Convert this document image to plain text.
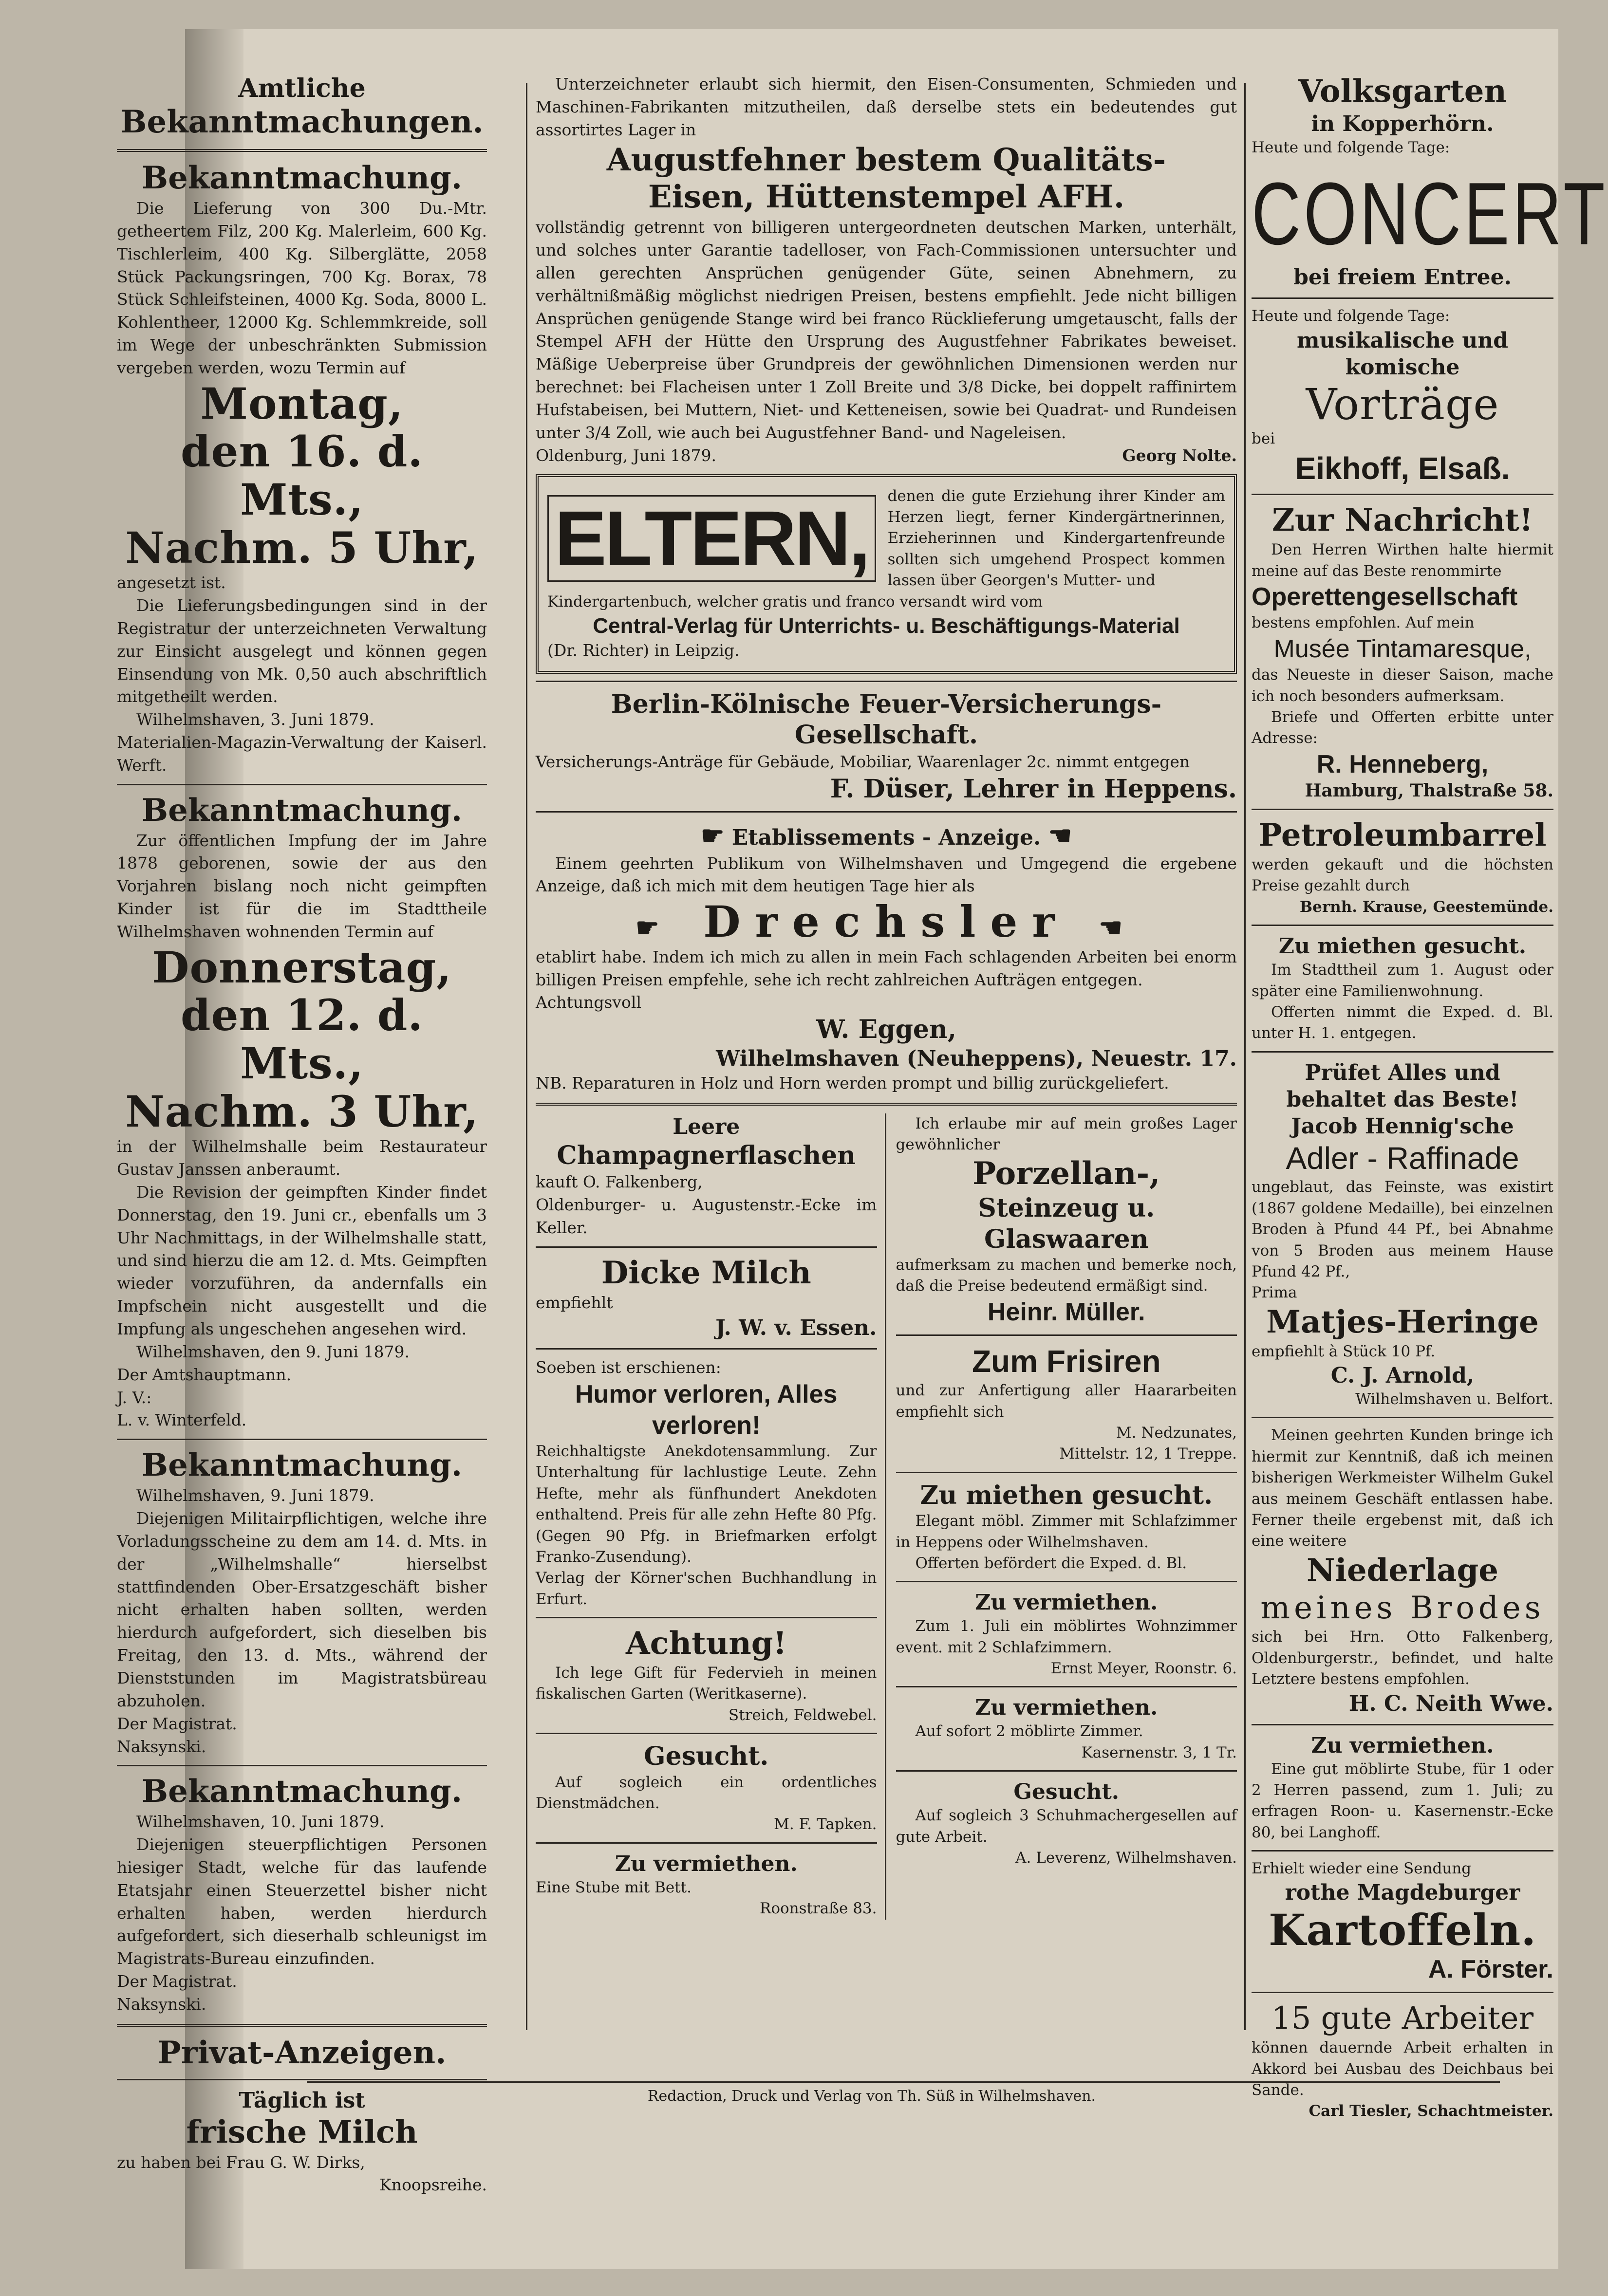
Amtliche
Bekanntmachungen.
Bekanntmachung.
Die Lieferung von 300 Du.-Mtr. getheertem Filz, 200 Kg. Malerleim, 600 Kg. Tischlerleim, 400 Kg. Silberglätte, 2058 Stück Packungsringen, 700 Kg. Borax, 78 Stück Schleifsteinen, 4000 Kg. Soda, 8000 L. Kohlentheer, 12000 Kg. Schlemmkreide, soll im Wege der unbeschränkten Submission vergeben werden, wozu Termin auf
Montag,
den 16. d. Mts.,
Nachm. 5 Uhr,
angesetzt ist.
Die Lieferungsbedingungen sind in der Registratur der unterzeichneten Verwaltung zur Einsicht ausgelegt und können gegen Einsendung von Mk. 0,50 auch abschriftlich mitgetheilt werden.
Wilhelmshaven, 3. Juni 1879.
Materialien-Magazin-Verwaltung der Kaiserl. Werft.
Bekanntmachung.
Zur öffentlichen Impfung der im Jahre 1878 geborenen, sowie der aus den Vorjahren bislang noch nicht geimpften Kinder ist für die im Stadttheile Wilhelmshaven wohnenden Termin auf
Donnerstag,
den 12. d. Mts.,
Nachm. 3 Uhr,
in der Wilhelmshalle beim Restaurateur Gustav Janssen anberaumt.
Die Revision der geimpften Kinder findet Donnerstag, den 19. Juni cr., ebenfalls um 3 Uhr Nachmittags, in der Wilhelmshalle statt, und sind hierzu die am 12. d. Mts. Geimpften wieder vorzuführen, da andernfalls ein Impfschein nicht ausgestellt und die Impfung als ungeschehen angesehen wird.
Wilhelmshaven, den 9. Juni 1879.
Der Amtshauptmann.
J. V.:
L. v. Winterfeld.
Bekanntmachung.
Wilhelmshaven, 9. Juni 1879.
Diejenigen Militairpflichtigen, welche ihre Vorladungsscheine zu dem am 14. d. Mts. in der „Wilhelmshalle“ hierselbst stattfindenden Ober-Ersatzgeschäft bisher nicht erhalten haben sollten, werden hierdurch aufgefordert, sich dieselben bis Freitag, den 13. d. Mts., während der Dienststunden im Magistratsbüreau abzuholen.
Der Magistrat.
Naksynski.
Bekanntmachung.
Wilhelmshaven, 10. Juni 1879.
Diejenigen steuerpflichtigen Personen hiesiger Stadt, welche für das laufende Etatsjahr einen Steuerzettel bisher nicht erhalten haben, werden hierdurch aufgefordert, sich dieserhalb schleunigst im Magistrats-Bureau einzufinden.
Der Magistrat.
Naksynski.
Privat-Anzeigen.
Täglich ist
frische Milch
zu haben bei Frau G. W. Dirks,
Knoopsreihe.
Unterzeichneter erlaubt sich hiermit, den Eisen-Consumenten, Schmieden und Maschinen-Fabrikanten mitzutheilen, daß derselbe stets ein bedeutendes gut assortirtes Lager in
Augustfehner bestem Qualitäts-
Eisen, Hüttenstempel AFH.
vollständig getrennt von billigeren untergeordneten deutschen Marken, unterhält, und solches unter Garantie tadelloser, von Fach-Commissionen untersuchter und allen gerechten Ansprüchen genügender Güte, seinen Abnehmern, zu verhältnißmäßig möglichst niedrigen Preisen, bestens empfiehlt. Jede nicht billigen Ansprüchen genügende Stange wird bei franco Rücklieferung umgetauscht, falls der Stempel AFH der Hütte den Ursprung des Augustfehner Fabrikates beweiset. Mäßige Ueberpreise über Grundpreis der gewöhnlichen Dimensionen werden nur berechnet: bei Flacheisen unter 1 Zoll Breite und 3/8 Dicke, bei doppelt raffinirtem Hufstabeisen, bei Muttern, Niet- und Ketteneisen, sowie bei Quadrat- und Rundeisen unter 3/4 Zoll, wie auch bei Augustfehner Band- und Nageleisen.
Oldenburg, Juni 1879.	Georg Nolte.
ELTERN,	denen die gute Erziehung ihrer Kinder am Herzen liegt, ferner Kindergärtnerinnen, Erzieherinnen und Kindergartenfreunde sollten sich umgehend Prospect kommen lassen über Georgen's Mutter- und
Kindergartenbuch, welcher gratis und franco versandt wird vom
Central-Verlag für Unterrichts- u. Beschäftigungs-Material
(Dr. Richter) in Leipzig.
Berlin-Kölnische Feuer-Versicherungs-
Gesellschaft.
Versicherungs-Anträge für Gebäude, Mobiliar, Waarenlager 2c. nimmt entgegen
F. Düser, Lehrer in Heppens.
☛ Etablissements - Anzeige. ☚
Einem geehrten Publikum von Wilhelmshaven und Umgegend die ergebene Anzeige, daß ich mich mit dem heutigen Tage hier als
☛ Drechsler ☚
etablirt habe. Indem ich mich zu allen in mein Fach schlagenden Arbeiten bei enorm billigen Preisen empfehle, sehe ich recht zahlreichen Aufträgen entgegen.
Achtungsvoll
W. Eggen,
Wilhelmshaven (Neuheppens), Neuestr. 17.
NB. Reparaturen in Holz und Horn werden prompt und billig zurückgeliefert.
Leere
Champagnerflaschen
kauft O. Falkenberg,
Oldenburger- u. Augustenstr.-Ecke im Keller.
Dicke Milch
empfiehlt
J. W. v. Essen.
Soeben ist erschienen:
Humor verloren, Alles verloren!
Reichhaltigste Anekdotensammlung. Zur Unterhaltung für lachlustige Leute. Zehn Hefte, mehr als fünfhundert Anekdoten enthaltend. Preis für alle zehn Hefte 80 Pfg. (Gegen 90 Pfg. in Briefmarken erfolgt Franko-Zusendung).
Verlag der Körner'schen Buchhandlung in Erfurt.
Achtung!
Ich lege Gift für Federvieh in meinen fiskalischen Garten (Weritkaserne).
Streich, Feldwebel.
Gesucht.
Auf sogleich ein ordentliches Dienstmädchen.
M. F. Tapken.
Zu vermiethen.
Eine Stube mit Bett.
Roonstraße 83.
Ich erlaube mir auf mein großes Lager gewöhnlicher
Porzellan-,
Steinzeug u. Glaswaaren
aufmerksam zu machen und bemerke noch, daß die Preise bedeutend ermäßigt sind.
Heinr. Müller.
Zum Frisiren
und zur Anfertigung aller Haararbeiten empfiehlt sich
M. Nedzunates,
Mittelstr. 12, 1 Treppe.
Zu miethen gesucht.
Elegant möbl. Zimmer mit Schlafzimmer in Heppens oder Wilhelmshaven.
Offerten befördert die Exped. d. Bl.
Zu vermiethen.
Zum 1. Juli ein möblirtes Wohnzimmer event. mit 2 Schlafzimmern.
Ernst Meyer, Roonstr. 6.
Zu vermiethen.
Auf sofort 2 möblirte Zimmer.
Kasernenstr. 3, 1 Tr.
Gesucht.
Auf sogleich 3 Schuhmachergesellen auf gute Arbeit.
A. Leverenz, Wilhelmshaven.
Volksgarten
in Kopperhörn.
Heute und folgende Tage:
CONCERT
bei freiem Entree.
Heute und folgende Tage:
musikalische und komische
Vorträge
bei
Eikhoff, Elsaß.
Zur Nachricht!
Den Herren Wirthen halte hiermit meine auf das Beste renommirte
Operettengesellschaft
bestens empfohlen. Auf mein
Musée Tintamaresque,
das Neueste in dieser Saison, mache ich noch besonders aufmerksam.
Briefe und Offerten erbitte unter Adresse:
R. Henneberg,
Hamburg, Thalstraße 58.
Petroleumbarrel
werden gekauft und die höchsten Preise gezahlt durch
Bernh. Krause, Geestemünde.
Zu miethen gesucht.
Im Stadttheil zum 1. August oder später eine Familienwohnung.
Offerten nimmt die Exped. d. Bl. unter H. 1. entgegen.
Prüfet Alles und behaltet das Beste!
Jacob Hennig'sche
Adler - Raffinade
ungeblaut, das Feinste, was existirt (1867 goldene Medaille), bei einzelnen Broden à Pfund 44 Pf., bei Abnahme von 5 Broden aus meinem Hause Pfund 42 Pf.,
Prima
Matjes-Heringe
empfiehlt à Stück 10 Pf.
C. J. Arnold,
Wilhelmshaven u. Belfort.
Meinen geehrten Kunden bringe ich hiermit zur Kenntniß, daß ich meinen bisherigen Werkmeister Wilhelm Gukel aus meinem Geschäft entlassen habe. Ferner theile ergebenst mit, daß ich eine weitere
Niederlage
meines Brodes
sich bei Hrn. Otto Falkenberg, Oldenburgerstr., befindet, und halte Letztere bestens empfohlen.
H. C. Neith Wwe.
Zu vermiethen.
Eine gut möblirte Stube, für 1 oder 2 Herren passend, zum 1. Juli; zu erfragen Roon- u. Kasernenstr.-Ecke 80, bei Langhoff.
Erhielt wieder eine Sendung
rothe Magdeburger
Kartoffeln.
A. Förster.
15 gute Arbeiter
können dauernde Arbeit erhalten in Akkord bei Ausbau des Deichbaus bei Sande.
Carl Tiesler, Schachtmeister.
Redaction, Druck und Verlag von Th. Süß in Wilhelmshaven.
